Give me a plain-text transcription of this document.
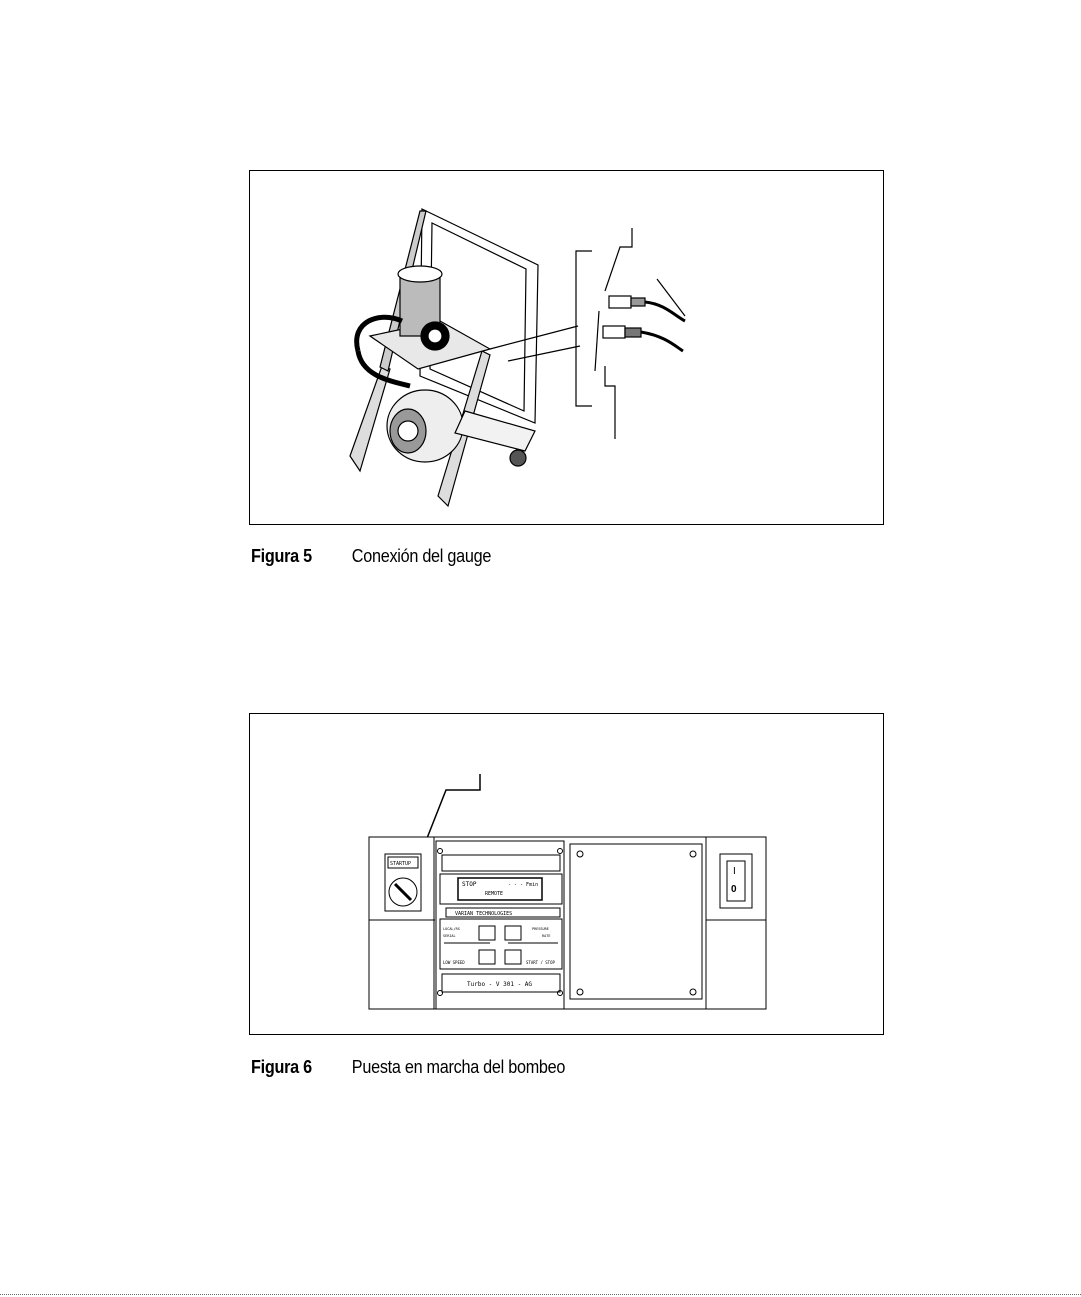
Figura 5 Conexión del gauge
STARTUP
STOP	- - - Fmin
REMOTE
VARIAN TECHNOLOGIES
LOCAL/RS	PRESSURE
SERIAL	RATE
LOW SPEED	START / STOP
Turbo - V 301 - AG
I
0
Figura 6 Puesta en marcha del bombeo
